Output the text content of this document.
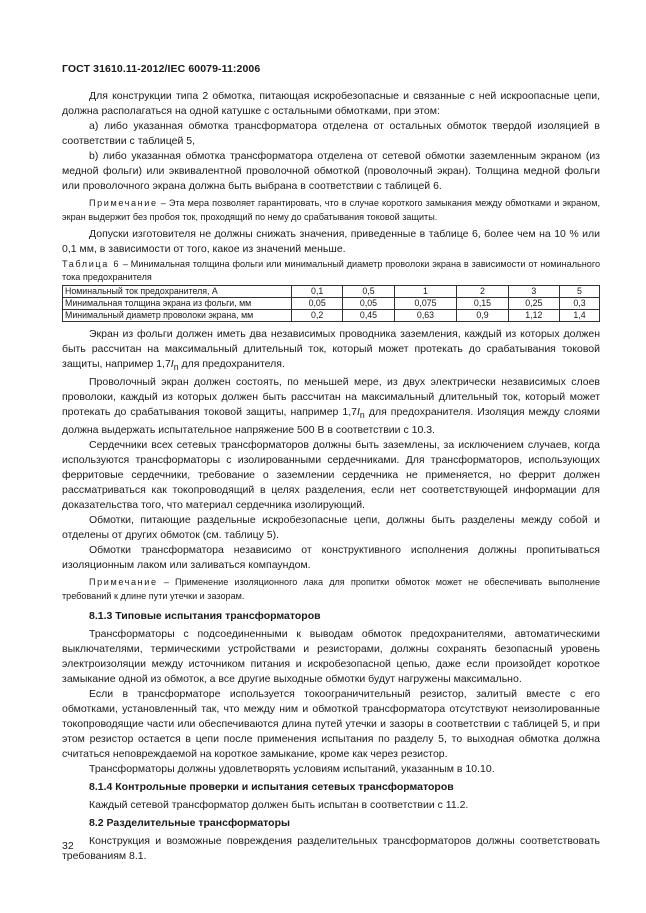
ГОСТ 31610.11-2012/IEC 60079-11:2006

Для конструкции типа 2 обмотка, питающая искробезопасные и связанные с ней искроопасные цепи, должна располагаться на одной катушке с остальными обмотками, при этом:

a) либо указанная обмотка трансформатора отделена от остальных обмоток твердой изоляцией в соответствии с таблицей 5,

b) либо указанная обмотка трансформатора отделена от сетевой обмотки заземленным экраном (из медной фольги) или эквивалентной проволочной обмоткой (проволочный экран). Толщина медной фольги или проволочного экрана должна быть выбрана в соответствии с таблицей 6.

Примечание – Эта мера позволяет гарантировать, что в случае короткого замыкания между обмотками и экраном, экран выдержит без пробоя ток, проходящий по нему до срабатывания токовой защиты.

Допуски изготовителя не должны снижать значения, приведенные в таблице 6, более чем на 10 % или 0,1 мм, в зависимости от того, какое из значений меньше.

Таблица 6 – Минимальная толщина фольги или минимальный диаметр проволоки экрана в зависимости от номинального тока предохранителя
Номинальный ток предохранителя, А	0,1	0,5	1	2	3	5
Минимальная толщина экрана из фольги, мм	0,05	0,05	0,075	0,15	0,25	0,3
Минимальный диаметр проволоки экрана, мм	0,2	0,45	0,63	0,9	1,12	1,4

Экран из фольги должен иметь два независимых проводника заземления, каждый из которых должен быть рассчитан на максимальный длительный ток, который может протекать до срабатывания токовой защиты, например $1,7I_n$ для предохранителя.

Проволочный экран должен состоять, по меньшей мере, из двух электрически независимых слоев проволоки, каждый из которых должен быть рассчитан на максимальный длительный ток, который может протекать до срабатывания токовой защиты, например $1,7I_n$ для предохранителя. Изоляция между слоями должна выдержать испытательное напряжение 500 В в соответствии с 10.3.

Сердечники всех сетевых трансформаторов должны быть заземлены, за исключением случаев, когда используются трансформаторы с изолированными сердечниками. Для трансформаторов, использующих ферритовые сердечники, требование о заземлении сердечника не применяется, но феррит должен рассматриваться как токопроводящий в целях разделения, если нет соответствующей информации для доказательства того, что материал сердечника изолирующий.

Обмотки, питающие раздельные искробезопасные цепи, должны быть разделены между собой и отделены от других обмоток (см. таблицу 5).

Обмотки трансформатора независимо от конструктивного исполнения должны пропитываться изоляционным лаком или заливаться компаундом.

Примечание – Применение изоляционного лака для пропитки обмоток может не обеспечивать выполнение требований к длине пути утечки и зазорам.

8.1.3 Типовые испытания трансформаторов

Трансформаторы с подсоединенными к выводам обмоток предохранителями, автоматическими выключателями, термическими устройствами и резисторами, должны сохранять безопасный уровень электроизоляции между источником питания и искробезопасной цепью, даже если произойдет короткое замыкание одной из обмоток, а все другие выходные обмотки будут нагружены максимально.

Если в трансформаторе используется токоограничительный резистор, залитый вместе с его обмотками, установленный так, что между ним и обмоткой трансформатора отсутствуют неизолированные токопроводящие части или обеспечиваются длина путей утечки и зазоры в соответствии с таблицей 5, и при этом резистор остается в цепи после применения испытания по разделу 5, то выходная обмотка должна считаться неповреждаемой на короткое замыкание, кроме как через резистор.

Трансформаторы должны удовлетворять условиям испытаний, указанным в 10.10.

8.1.4 Контрольные проверки и испытания сетевых трансформаторов

Каждый сетевой трансформатор должен быть испытан в соответствии с 11.2.

8.2 Разделительные трансформаторы

Конструкция и возможные повреждения разделительных трансформаторов должны соответствовать требованиям 8.1.

32
